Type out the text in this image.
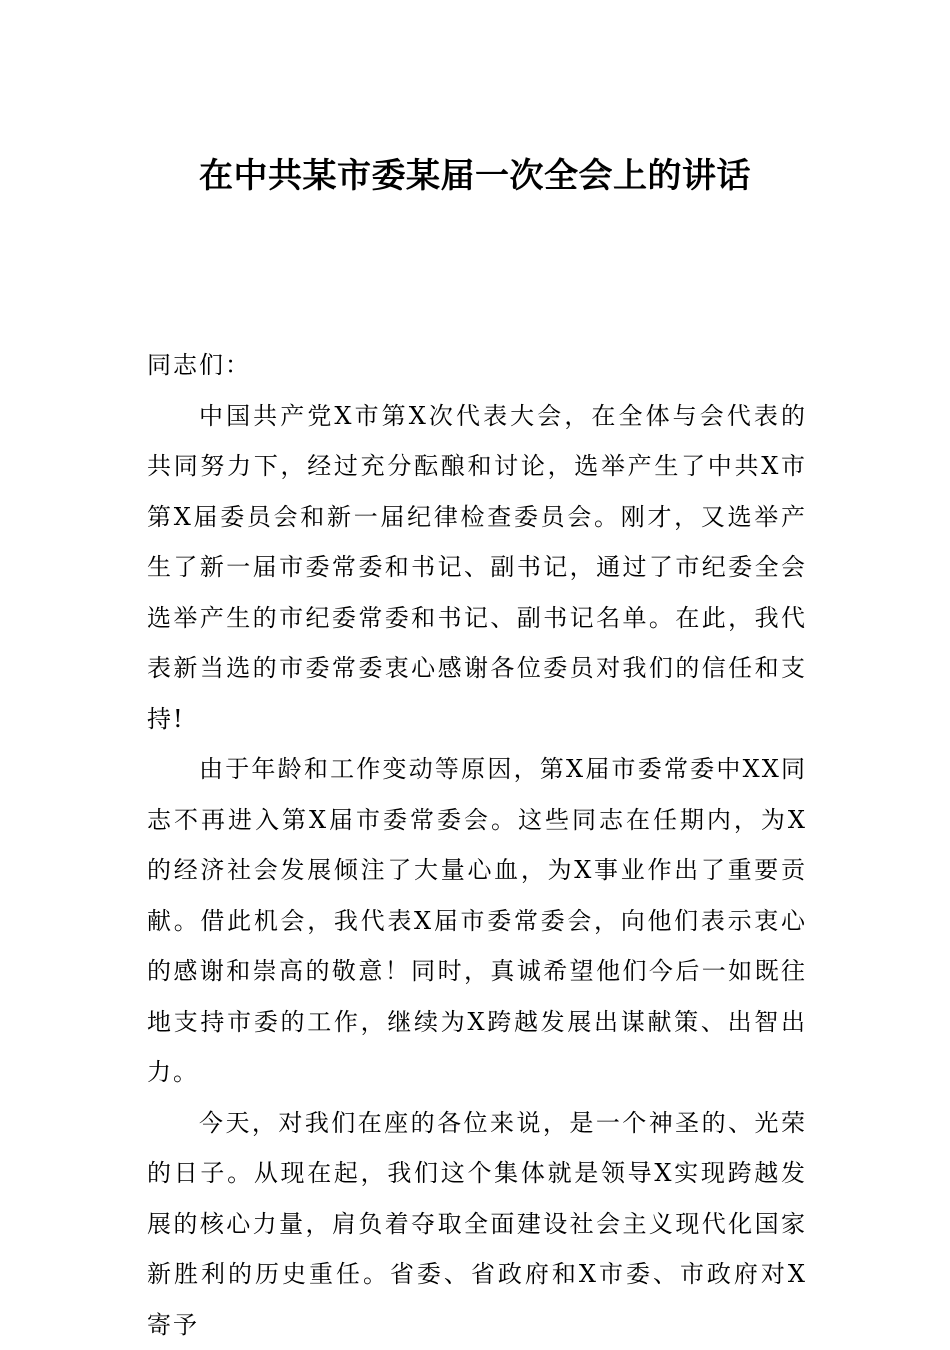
在中共某市委某届一次全会上的讲话

同志们：

中国共产党X市第X次代表大会，在全体与会代表的共同努力下，经过充分酝酿和讨论，选举产生了中共X市第X届委员会和新一届纪律检查委员会。刚才，又选举产生了新一届市委常委和书记、副书记，通过了市纪委全会选举产生的市纪委常委和书记、副书记名单。在此，我代表新当选的市委常委衷心感谢各位委员对我们的信任和支持!

由于年龄和工作变动等原因，第X届市委常委中XX同志不再进入第X届市委常委会。这些同志在任期内，为X的经济社会发展倾注了大量心血，为X事业作出了重要贡献。借此机会，我代表X届市委常委会，向他们表示衷心的感谢和崇高的敬意！同时，真诚希望他们今后一如既往地支持市委的工作，继续为X跨越发展出谋献策、出智出力。

今天，对我们在座的各位来说，是一个神圣的、光荣的日子。从现在起，我们这个集体就是领导X实现跨越发展的核心力量，肩负着夺取全面建设社会主义现代化国家新胜利的历史重任。省委、省政府和X市委、市政府对X寄予
